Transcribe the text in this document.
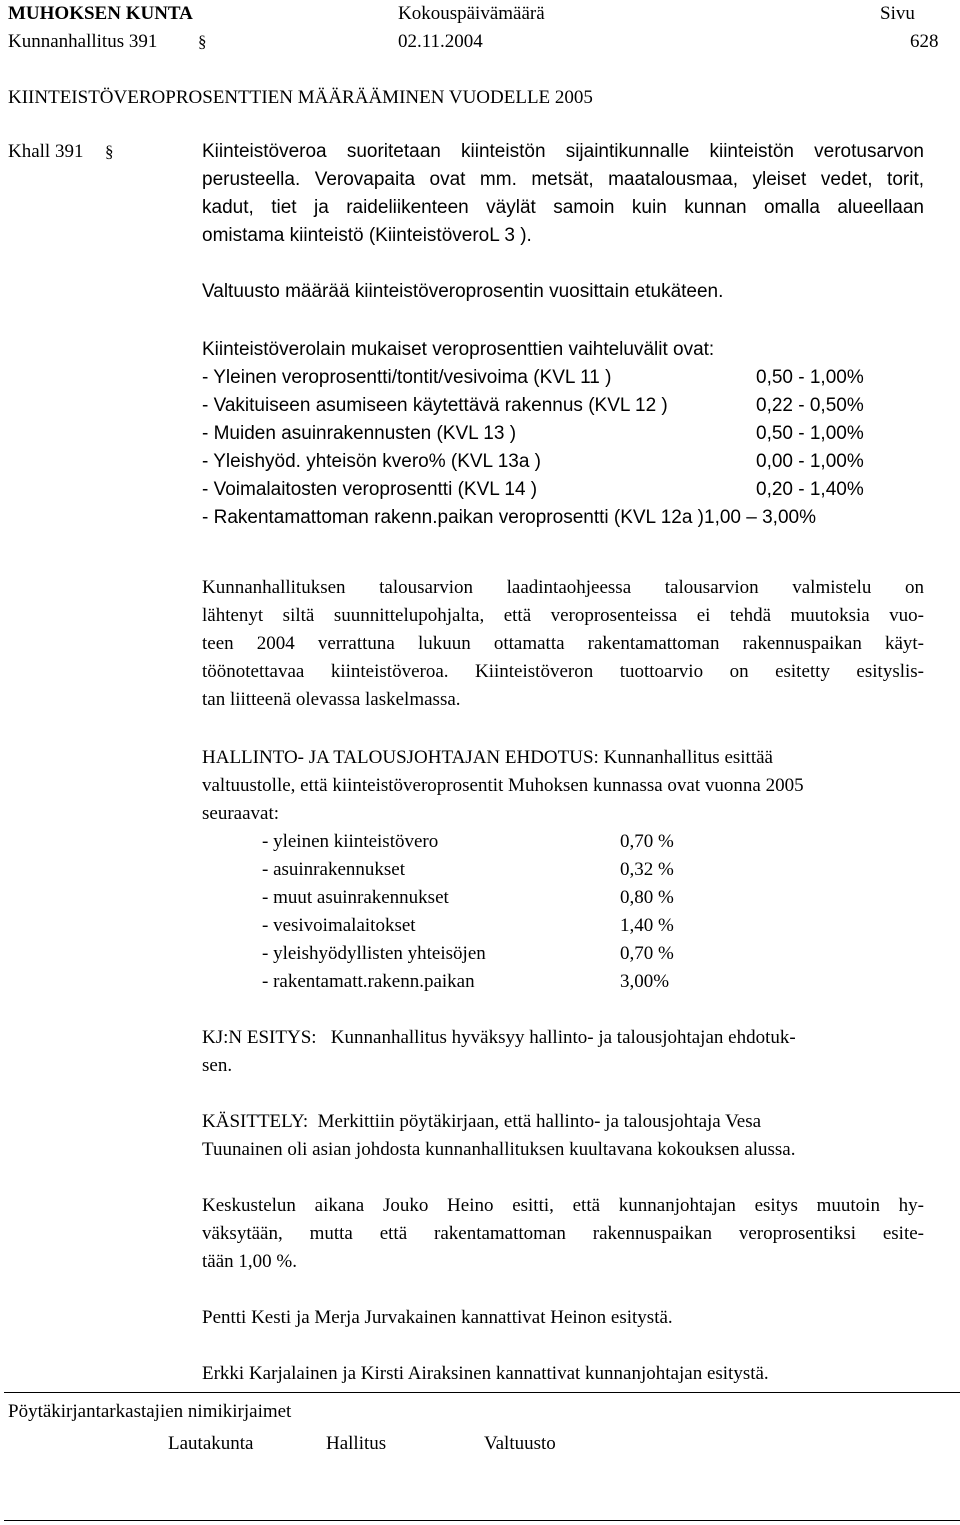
MUHOKSEN KUNTA	Kokouspäivämäärä	Sivu
Kunnanhallitus 391 §	02.11.2004	628
KIINTEISTÖVEROPROSENTTIEN MÄÄRÄÄMINEN VUODELLE 2005
Khall 391 §	Kiinteistöveroa suoritetaan kiinteistön sijaintikunnalle kiinteistön verotusarvon
perusteella. Verovapaita ovat mm. metsät, maatalousmaa, yleiset vedet, torit,
kadut, tiet ja raideliikenteen väylät samoin kuin kunnan omalla alueellaan
omistama kiinteistö (KiinteistöveroL 3 ).
Valtuusto määrää kiinteistöveroprosentin vuosittain etukäteen.
Kiinteistöverolain mukaiset veroprosenttien vaihteluvälit ovat:
- Yleinen veroprosentti/tontit/vesivoima (KVL 11 )	0,50 - 1,00%
- Vakituiseen asumiseen käytettävä rakennus (KVL 12 )	0,22 - 0,50%
- Muiden asuinrakennusten (KVL 13 )	0,50 - 1,00%
- Yleishyöd. yhteisön kvero% (KVL 13a )	0,00 - 1,00%
- Voimalaitosten veroprosentti (KVL 14 )	0,20 - 1,40%
- Rakentamattoman rakenn.paikan veroprosentti (KVL 12a )1,00 – 3,00%
Kunnanhallituksen talousarvion laadintaohjeessa talousarvion valmistelu on
lähtenyt siltä suunnittelupohjalta, että veroprosenteissa ei tehdä muutoksia vuo-
teen 2004 verrattuna lukuun ottamatta rakentamattoman rakennuspaikan käyt-
töönotettavaa kiinteistöveroa. Kiinteistöveron tuottoarvio on esitetty esityslis-
tan liitteenä olevassa laskelmassa.
HALLINTO- JA TALOUSJOHTAJAN EHDOTUS: Kunnanhallitus esittää
valtuustolle, että kiinteistöveroprosentit Muhoksen kunnassa ovat vuonna 2005
seuraavat:
- yleinen kiinteistövero	0,70 %
- asuinrakennukset	0,32 %
- muut asuinrakennukset	0,80 %
- vesivoimalaitokset	1,40 %
- yleishyödyllisten yhteisöjen	0,70 %
- rakentamatt.rakenn.paikan	3,00%
KJ:N ESITYS: Kunnanhallitus hyväksyy hallinto- ja talousjohtajan ehdotuk-
sen.
KÄSITTELY: Merkittiin pöytäkirjaan, että hallinto- ja talousjohtaja Vesa
Tuunainen oli asian johdosta kunnanhallituksen kuultavana kokouksen alussa.
Keskustelun aikana Jouko Heino esitti, että kunnanjohtajan esitys muutoin hy-
väksytään, mutta että rakentamattoman rakennuspaikan veroprosentiksi esite-
tään 1,00 %.
Pentti Kesti ja Merja Jurvakainen kannattivat Heinon esitystä.
Erkki Karjalainen ja Kirsti Airaksinen kannattivat kunnanjohtajan esitystä.
Pöytäkirjantarkastajien nimikirjaimet
Lautakunta	Hallitus	Valtuusto
